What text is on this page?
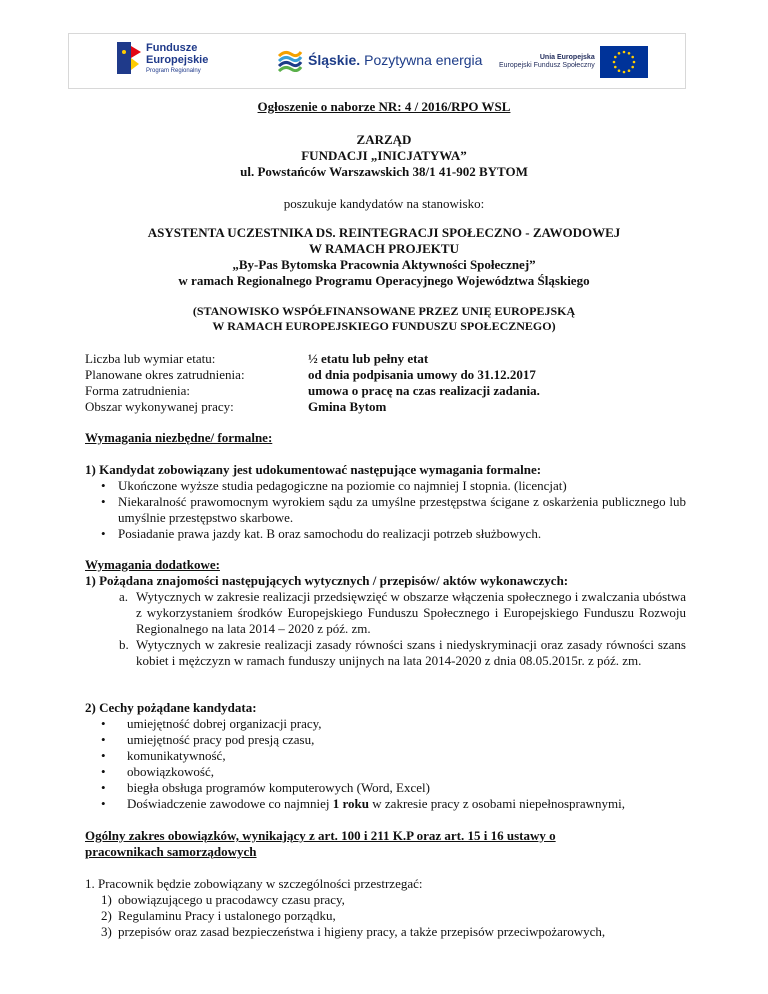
Fundusze
Europejskie
Program Regionalny
Śląskie. Pozytywna energia	Unia Europejska
Europejski Fundusz Społeczny
Ogłoszenie o naborze NR: 4 / 2016/RPO WSL
ZARZĄD
FUNDACJI „INICJATYWA”
ul. Powstańców Warszawskich 38/1 41-902 BYTOM
poszukuje kandydatów na stanowisko:
ASYSTENTA UCZESTNIKA DS. REINTEGRACJI SPOŁECZNO - ZAWODOWEJ
W RAMACH PROJEKTU
„By-Pas Bytomska Pracownia Aktywności Społecznej”
w ramach Regionalnego Programu Operacyjnego Województwa Śląskiego
(STANOWISKO WSPÓŁFINANSOWANE PRZEZ UNIĘ EUROPEJSKĄ
W RAMACH EUROPEJSKIEGO FUNDUSZU SPOŁECZNEGO)
Liczba lub wymiar etatu:	½ etatu lub pełny etat
Planowane okres zatrudnienia:	od dnia podpisania umowy do 31.12.2017
Forma zatrudnienia:	umowa o pracę na czas realizacji zadania.
Obszar wykonywanej pracy:	Gmina Bytom
Wymagania niezbędne/ formalne:
1) Kandydat zobowiązany jest udokumentować następujące wymagania formalne:
• Ukończone wyższe studia pedagogiczne na poziomie co najmniej I stopnia. (licencjat)
• Niekaralność prawomocnym wyrokiem sądu za umyślne przestępstwa ścigane z oskarżenia publicznego lub umyślnie przestępstwo skarbowe.
• Posiadanie prawa jazdy kat. B oraz samochodu do realizacji potrzeb służbowych.
Wymagania dodatkowe:
1) Pożądana znajomości następujących wytycznych / przepisów/ aktów wykonawczych:
a. Wytycznych w zakresie realizacji przedsięwzięć w obszarze włączenia społecznego i zwalczania ubóstwa z wykorzystaniem środków Europejskiego Funduszu Społecznego i Europejskiego Funduszu Rozwoju Regionalnego na lata 2014 – 2020 z póź. zm.
b. Wytycznych w zakresie realizacji zasady równości szans i niedyskryminacji oraz zasady równości szans kobiet i mężczyzn w ramach funduszy unijnych na lata 2014-2020 z dnia 08.05.2015r. z póź. zm.
2) Cechy pożądane kandydata:
• umiejętność dobrej organizacji pracy,
• umiejętność pracy pod presją czasu,
• komunikatywność,
• obowiązkowość,
• biegła obsługa programów komputerowych (Word, Excel)
• Doświadczenie zawodowe co najmniej 1 roku w zakresie pracy z osobami niepełnosprawnymi,
Ogólny zakres obowiązków, wynikający z art. 100 i 211 K.P oraz art. 15 i 16 ustawy o
pracownikach samorządowych
1. Pracownik będzie zobowiązany w szczególności przestrzegać:
1) obowiązującego u pracodawcy czasu pracy,
2) Regulaminu Pracy i ustalonego porządku,
3) przepisów oraz zasad bezpieczeństwa i higieny pracy, a także przepisów przeciwpożarowych,
